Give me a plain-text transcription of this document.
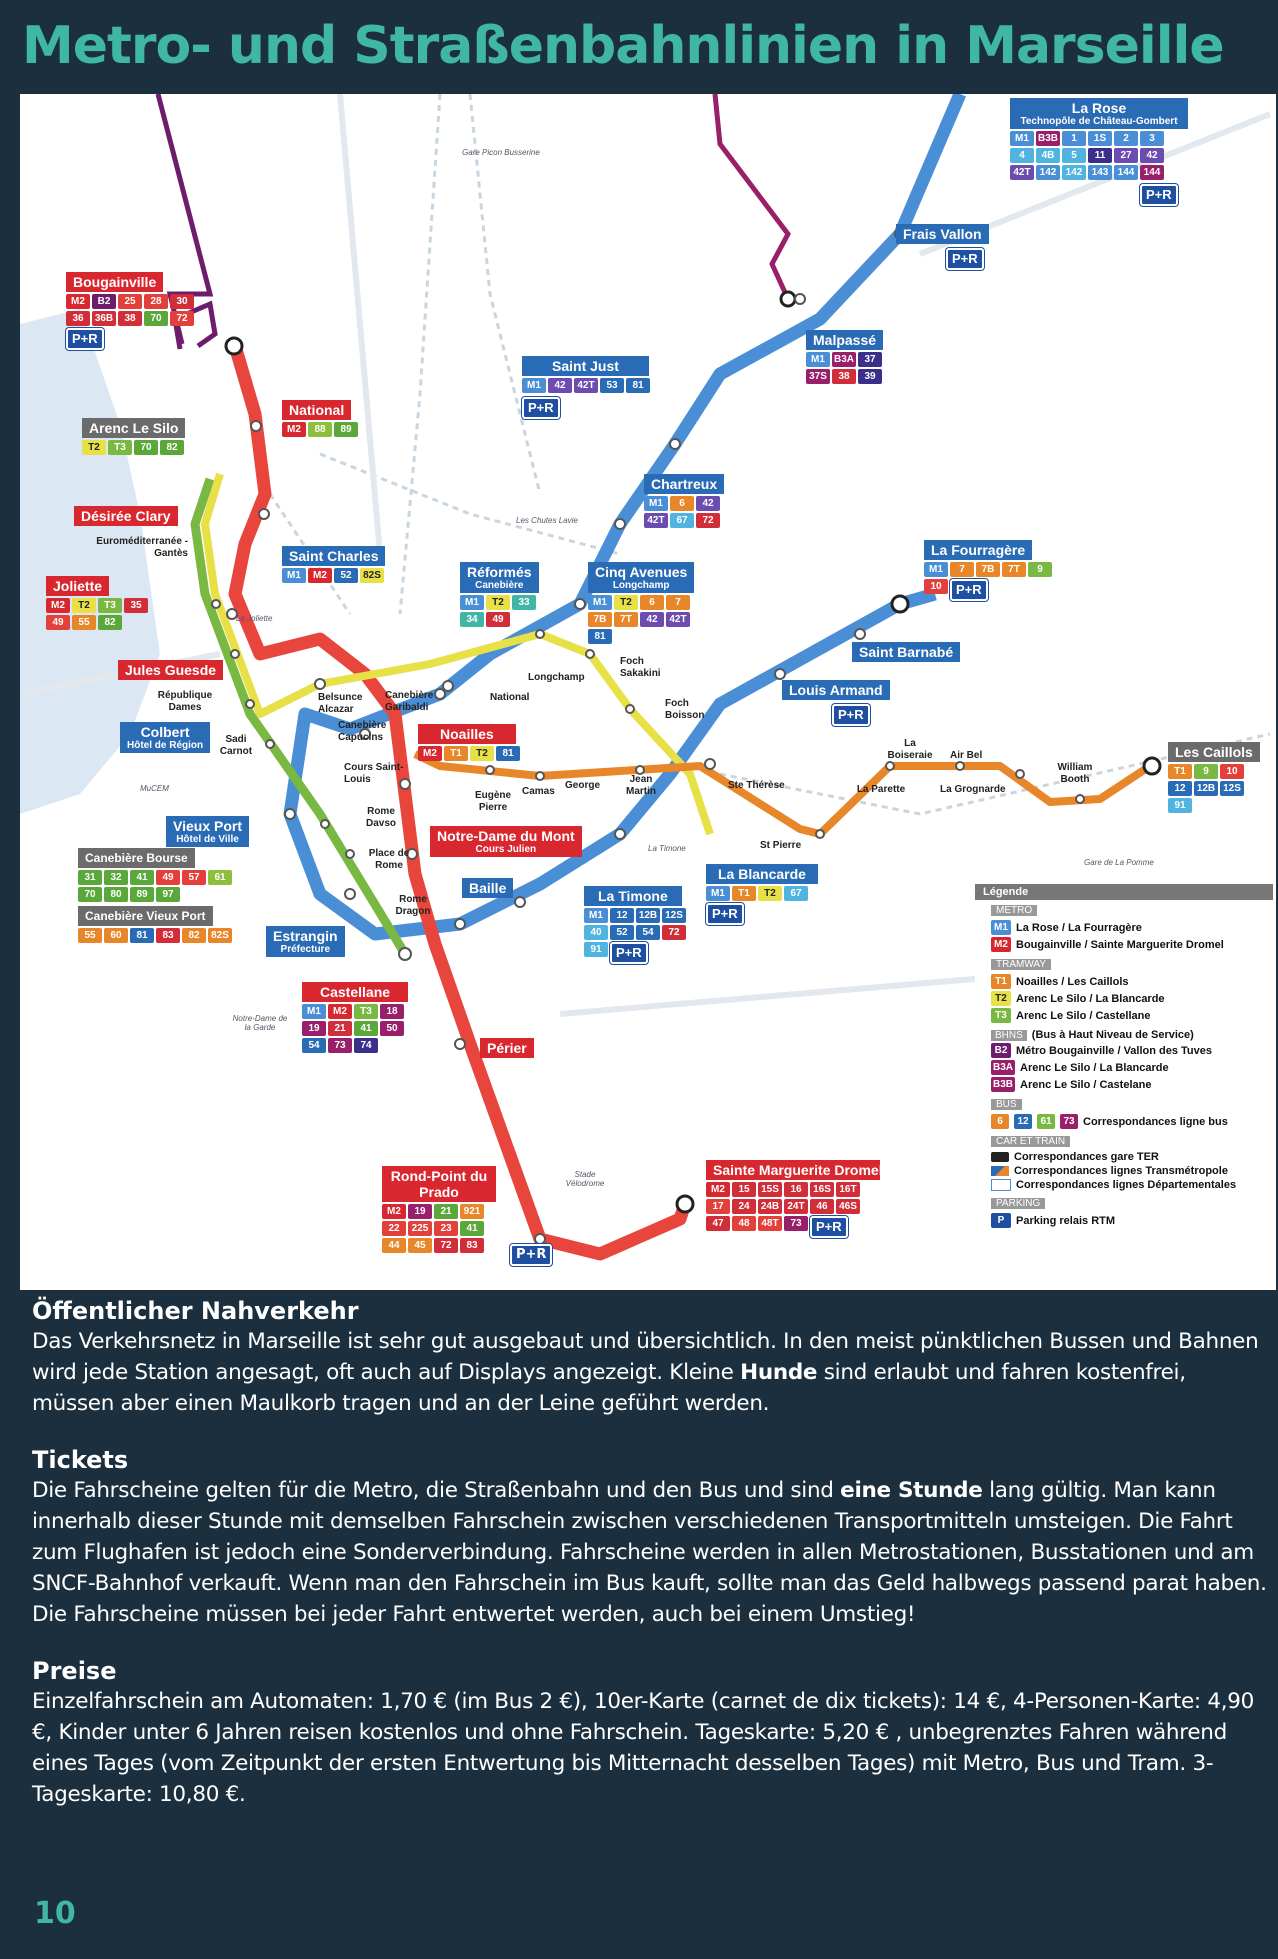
Metro- und Straßenbahnlinien in Marseille
Bougainville
M2	B2	25	28	30
36	36B	38	70	72
P+R
National
M2	88	89
Arenc Le Silo
T2	T3	70	82
Désirée Clary
Euroméditerranée - Gantès
Joliette
M2	T2	T3	35
49	55	82
Jules Guesde
République Dames
Sadi Carnot
Colbert
Hôtel de Région
MuCEM
Vieux Port
Hôtel de Ville
Canebière Bourse
31	32	41	49	57	61
70	80	89	97
Canebière Vieux Port
55	60	81	83	82	82S
Saint Charles
M1	M2	52	82S
Belsunce Alcazar
Canebière Capucins
Canebière Garibaldi
National
Longchamp
Foch Sakakini
Foch Boisson
Cours Saint-Louis
Réformés
Canebière
M1	T2	33
34	49
Cinq Avenues
Longchamp
M1	T2	6	7
7B	7T	42	42T
81
Saint Just
M1	42	42T	53	81
P+R
Chartreux
M1	6	42
42T	67	72
Malpassé
M1 B3A	37
37S	38	39
Frais Vallon
P+R
La Rose
Technopôle de Château-Gombert
M1 B3B	1	1S	2	3
4	4B	5	11	27	42
42T 142 142 143 144 144
P+R
La Fourragère
M1	7	7B	7T	9
10	P+R
Saint Barnabé
Louis Armand
P+R
Les Caillols
T1	9	10
12	12B 12S
91
Ste Thérèse
La Boiseraie Air Bel
La Parette	La Grognarde
William Booth
St Pierre
Eugène Pierre
Camas
George
Jean Martin
Noailles
M2	T1	T2	81
Rome Davso
Place de Rome
Rome Dragon
Notre-Dame du Mont
Cours Julien
Baille	La Timone
M1	12	12B 12S
40	52	54	72
91	P+R
La Blancarde
M1	T1	T2	67
P+R
Estrangin
Préfecture
Notre-Dame de la Garde
Castellane
M1	M2	T3	18
19	21	41	50
54	73	74	Périer
Stade Vélodrome
Rond-Point du Prado
M2	19	21	921
22	225	23	41
44	45	72	83
P+R
Sainte Marguerite Dromel
M2	15	15S	16	16S 16T
17	24	24B 24T	46	46S
47	48	48T	73	P+R
Gare Picon Busserine
Les Chutes Lavie
La Joliette
La Timone
Gare de La Pomme
Légende
METRO
M1 La Rose / La Fourragère
M2 Bougainville / Sainte Marguerite Dromel
TRAMWAY
T1 Noailles / Les Caillols
T2 Arenc Le Silo / La Blancarde
T3 Arenc Le Silo / Castellane
BHNS (Bus à Haut Niveau de Service)
B2 Métro Bougainville / Vallon des Tuves
B3A Arenc Le Silo / La Blancarde
B3B Arenc Le Silo / Castelane
BUS
6	12	61	73 Correspondances ligne bus
CAR ET TRAIN
Correspondances gare TER
Correspondances lignes Transmétropole
Correspondances lignes Départementales
PARKING
P	Parking relais RTM
Öffentlicher Nahverkehr

Das Verkehrsnetz in Marseille ist sehr gut ausgebaut und übersichtlich. In den meist pünktlichen Bussen und Bahnen wird jede Station angesagt, oft auch auf Displays angezeigt. Kleine Hunde sind erlaubt und fahren kostenfrei, müssen aber einen Maulkorb tragen und an der Leine geführt werden.

Tickets

Die Fahrscheine gelten für die Metro, die Straßenbahn und den Bus und sind eine Stunde lang gültig. Man kann innerhalb dieser Stunde mit demselben Fahrschein zwischen verschiedenen Transportmitteln umsteigen. Die Fahrt zum Flughafen ist jedoch eine Sonderverbindung. Fahrscheine werden in allen Metrostationen, Busstationen und am SNCF-Bahnhof verkauft. Wenn man den Fahrschein im Bus kauft, sollte man das Geld halbwegs passend parat haben. Die Fahrscheine müssen bei jeder Fahrt entwertet werden, auch bei einem Umstieg!

Preise

Einzelfahrschein am Automaten: 1,70 € (im Bus 2 €), 10er-Karte (carnet de dix tickets): 14 €, 4-Personen-Karte: 4,90 €, Kinder unter 6 Jahren reisen kostenlos und ohne Fahrschein. Tageskarte: 5,20 € , unbegrenztes Fahren während eines Tages (vom Zeitpunkt der ersten Entwertung bis Mitternacht desselben Tages) mit Metro, Bus und Tram. 3-Tageskarte: 10,80 €.

10
